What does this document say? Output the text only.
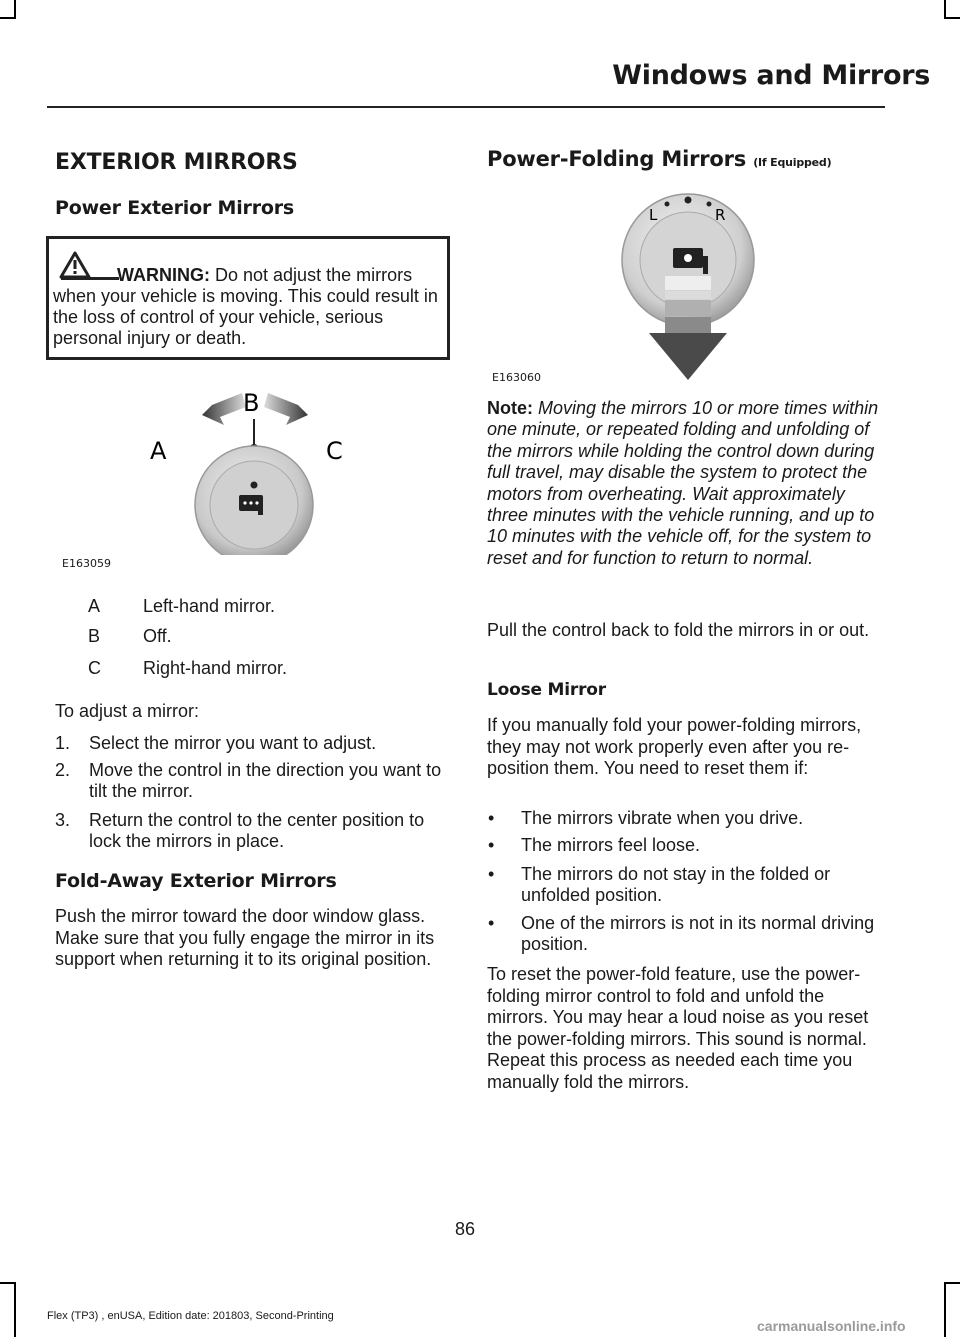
Windows and Mirrors
EXTERIOR MIRRORS
Power Exterior Mirrors
WARNING: Do not adjust the mirrors
when your vehicle is moving. This could result in the loss of control of your vehicle, serious personal injury or death.
A
B
C
E163059
A	Left-hand mirror.
B	Off.
C	Right-hand mirror.

To adjust a mirror:

1. Select the mirror you want to adjust.
2. Move the control in the direction you want to tilt the mirror.
3. Return the control to the center position to lock the mirrors in place.
Fold-Away Exterior Mirrors

Push the mirror toward the door window glass. Make sure that you fully engage the mirror in its support when returning it to its original position.

Power-Folding Mirrors (If Equipped)
L	R
E163060

Note: Moving the mirrors 10 or more times within one minute, or repeated folding and unfolding of the mirrors while holding the control down during full travel, may disable the system to protect the motors from overheating. Wait approximately three minutes with the vehicle running, and up to 10 minutes with the vehicle off, for the system to reset and for function to return to normal.

Pull the control back to fold the mirrors in or out.

Loose Mirror

If you manually fold your power-folding mirrors, they may not work properly even after you re-position them. You need to reset them if:

• The mirrors vibrate when you drive.
• The mirrors feel loose.
• The mirrors do not stay in the folded or unfolded position.
• One of the mirrors is not in its normal driving position.

To reset the power-fold feature, use the power-folding mirror control to fold and unfold the mirrors. You may hear a loud noise as you reset the power-folding mirrors. This sound is normal. Repeat this process as needed each time you manually fold the mirrors.

86
Flex (TP3) , enUSA, Edition date: 201803, Second-Printing
carmanualsonline.info
